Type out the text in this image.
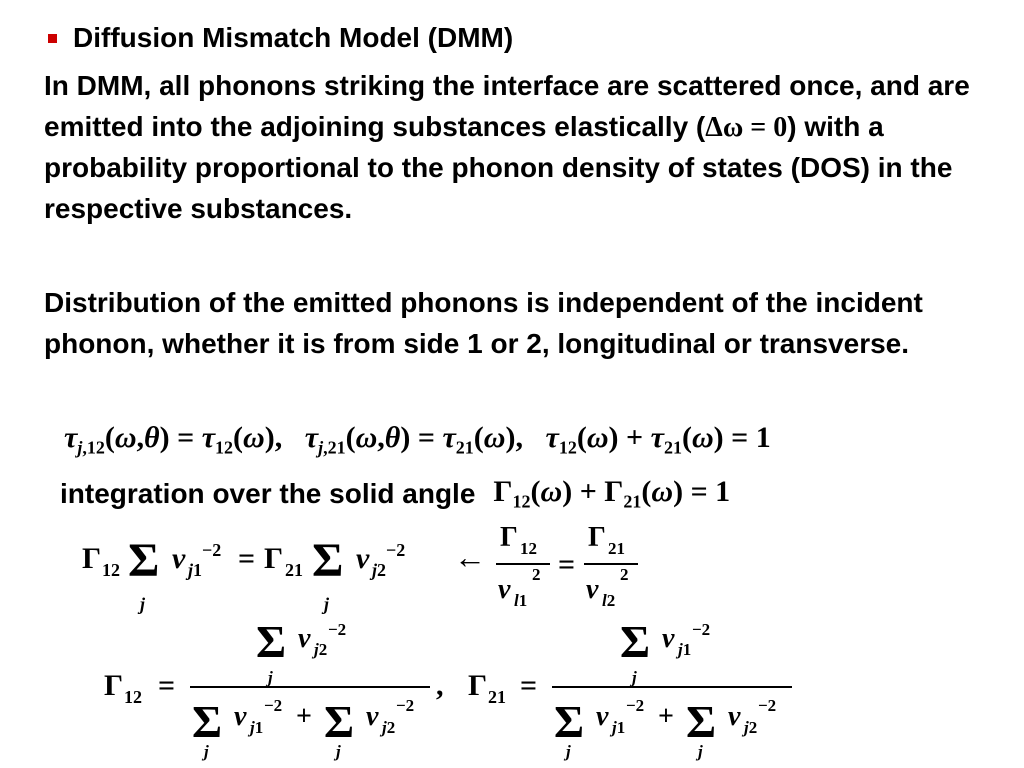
Diffusion Mismatch Model (DMM)
In DMM, all phonons striking the interface are scattered once, and are emitted into the adjoining substances elastically (Δω = 0) with a probability proportional to the phonon density of states (DOS) in the respective substances.
Distribution of the emitted phonons is independent of the incident phonon, whether it is from side 1 or 2, longitudinal or transverse.
$\tau_{j,12}(\omega,\theta) = \tau_{12}(\omega)$,   $\tau_{j,21}(\omega,\theta) = \tau_{21}(\omega)$,   $\tau_{12}(\omega) + \tau_{21}(\omega) = 1$
integration over the solid angle $\Gamma_{12}(\omega) + \Gamma_{21}(\omega) = 1$
Γ 12 Σ
j
v j1
−2 = Γ 21 Σ
j
v j2
−2 ←
Γ 12
v l1
2 =
Γ 21
v l2
2
Γ 12 =
Σ
j
v j2
−2
Σ
j
v j1
−2 + Σ
j
v j2
−2
, Γ 21 =
Σ
j
v j1
−2
Σ
j
v j1
−2 + Σ
j
v j2
−2
